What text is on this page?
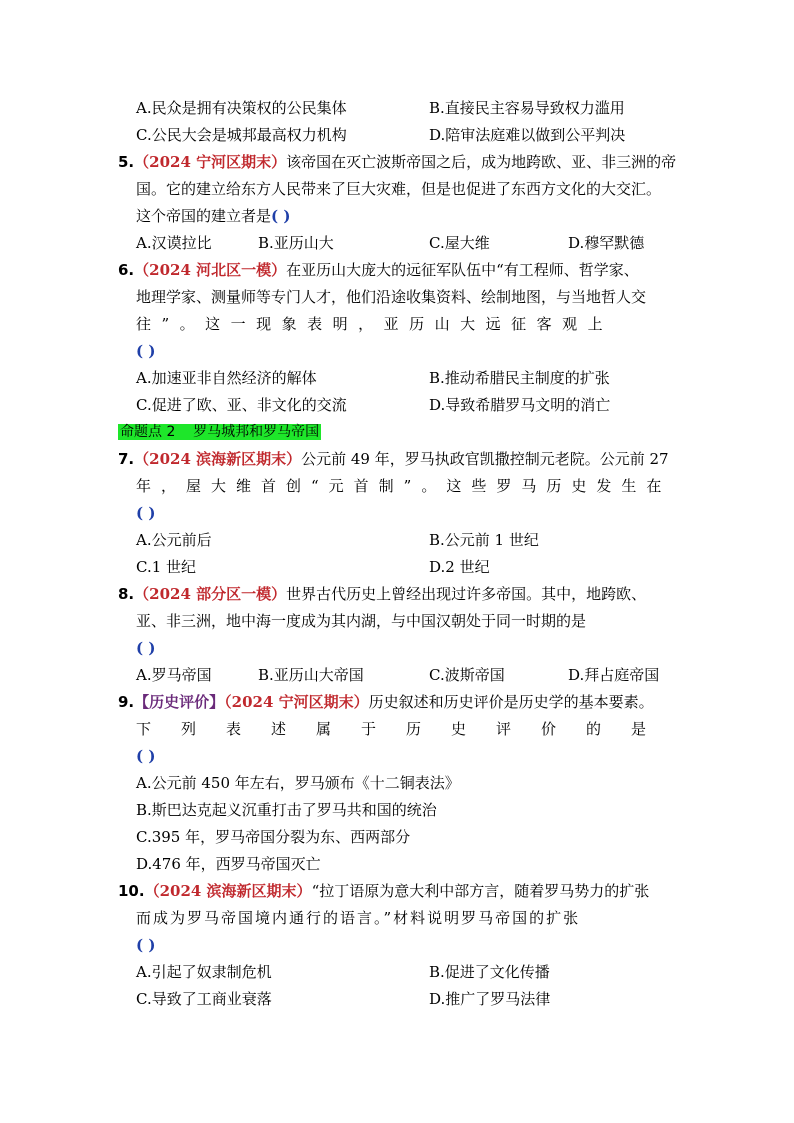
A.民众是拥有决策权的公民集体	B.直接民主容易导致权力滥用
C.公民大会是城邦最高权力机构	D.陪审法庭难以做到公平判决
5.（2024 宁河区期末）该帝国在灭亡波斯帝国之后，成为地跨欧、亚、非三洲的帝
国。它的建立给东方人民带来了巨大灾难，但是也促进了东西方文化的大交汇。
这个帝国的建立者是( )
A.汉谟拉比	B.亚历山大	C.屋大维	D.穆罕默德
6.（2024 河北区一模）在亚历山大庞大的远征军队伍中“有工程师、哲学家、
地理学家、测量师等专门人才，他们沿途收集资料、绘制地图，与当地哲人交
往”。这一现象表明，亚历山大远征客观上
( )
A.加速亚非自然经济的解体	B.推动希腊民主制度的扩张
C.促进了欧、亚、非文化的交流	D.导致希腊罗马文明的消亡
命题点 2 罗马城邦和罗马帝国
7.（2024 滨海新区期末）公元前 49 年，罗马执政官凯撒控制元老院。公元前 27
年，屋大维首创“元首制”。这些罗马历史发生在
( )
A.公元前后	B.公元前 1 世纪
C.1 世纪	D.2 世纪
8.（2024 部分区一模）世界古代历史上曾经出现过许多帝国。其中，地跨欧、
亚、非三洲，地中海一度成为其内湖，与中国汉朝处于同一时期的是
( )
A.罗马帝国	B.亚历山大帝国	C.波斯帝国	D.拜占庭帝国
9.【历史评价】（2024 宁河区期末）历史叙述和历史评价是历史学的基本要素。
下列表述属于历史评价的是
( )
A.公元前 450 年左右，罗马颁布《十二铜表法》
B.斯巴达克起义沉重打击了罗马共和国的统治
C.395 年，罗马帝国分裂为东、西两部分
D.476 年，西罗马帝国灭亡
10.（2024 滨海新区期末）“拉丁语原为意大利中部方言，随着罗马势力的扩张
而成为罗马帝国境内通行的语言。”材料说明罗马帝国的扩张
( )
A.引起了奴隶制危机	B.促进了文化传播
C.导致了工商业衰落	D.推广了罗马法律
